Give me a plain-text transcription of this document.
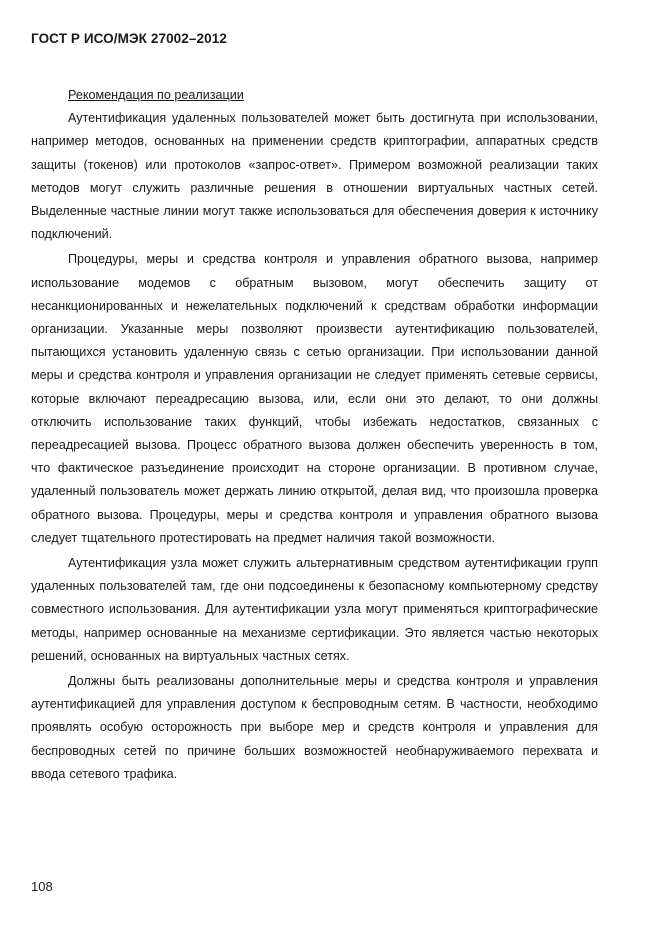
ГОСТ Р ИСО/МЭК 27002–2012

Рекомендация по реализации

Аутентификация удаленных пользователей может быть достигнута при использовании, например методов, основанных на применении средств криптографии, аппаратных средств защиты (токенов) или протоколов «запрос-ответ». Примером возможной реализации таких методов могут служить различные решения в отношении виртуальных частных сетей. Выделенные частные линии могут также использоваться для обеспечения доверия к источнику подключений.

Процедуры, меры и средства контроля и управления обратного вызова, например использование модемов с обратным вызовом, могут обеспечить защиту от несанкционированных и нежелательных подключений к средствам обработки информации организации. Указанные меры позволяют произвести аутентификацию пользователей, пытающихся установить удаленную связь с сетью организации. При использовании данной меры и средства контроля и управления организации не следует применять сетевые сервисы, которые включают переадресацию вызова, или, если они это делают, то они должны отключить использование таких функций, чтобы избежать недостатков, связанных с переадресацией вызова. Процесс обратного вызова должен обеспечить уверенность в том, что фактическое разъединение происходит на стороне организации. В противном случае, удаленный пользователь может держать линию открытой, делая вид, что произошла проверка обратного вызова. Процедуры, меры и средства контроля и управления обратного вызова следует тщательного протестировать на предмет наличия такой возможности.

Аутентификация узла может служить альтернативным средством аутентификации групп удаленных пользователей там, где они подсоединены к безопасному компьютерному средству совместного использования. Для аутентификации узла могут применяться криптографические методы, например основанные на механизме сертификации. Это является частью некоторых решений, основанных на виртуальных частных сетях.

Должны быть реализованы дополнительные меры и средства контроля и управления аутентификацией для управления доступом к беспроводным сетям. В частности, необходимо проявлять особую осторожность при выборе мер и средств контроля и управления для беспроводных сетей по причине больших возможностей необнаруживаемого перехвата и ввода сетевого трафика.

108
